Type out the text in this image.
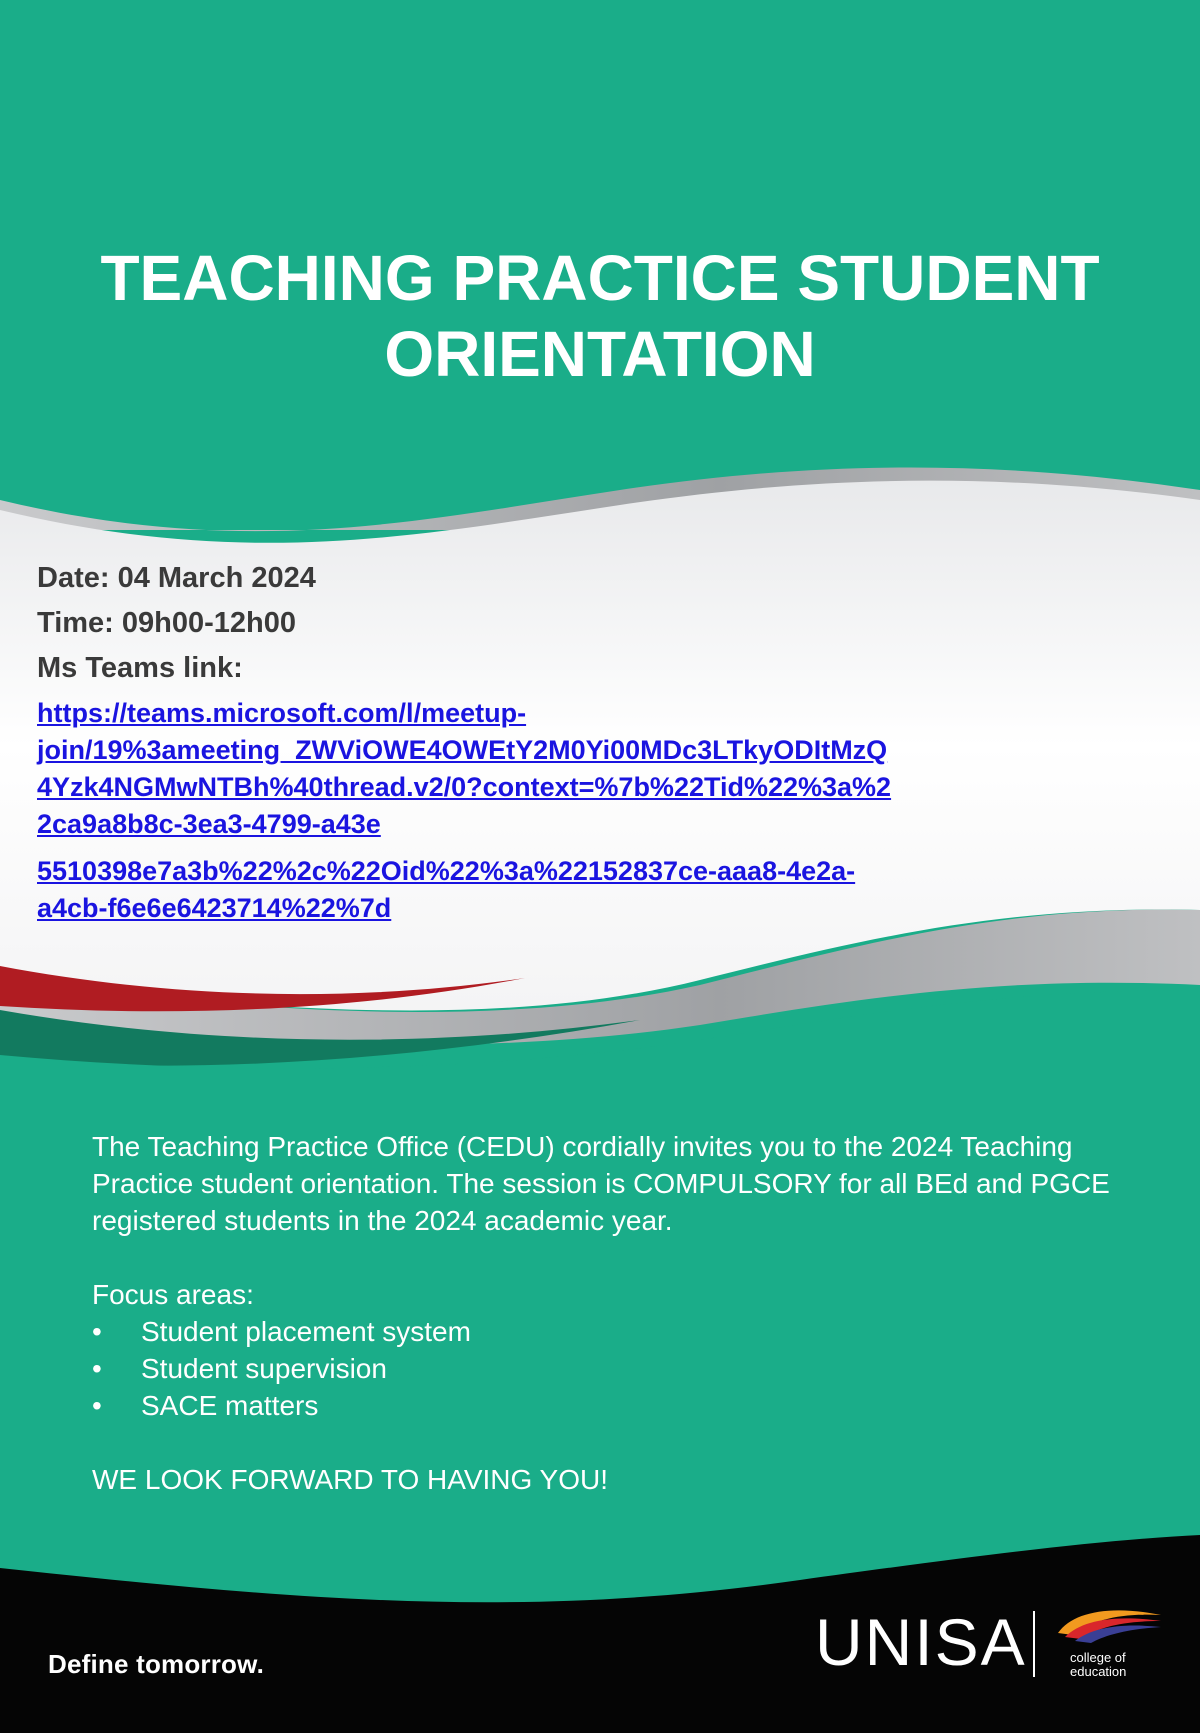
TEACHING PRACTICE STUDENT
ORIENTATION
Date: 04 March 2024
Time: 09h00-12h00
Ms Teams link:
https://teams.microsoft.com/l/meetup-
join/19%3ameeting_ZWViOWE4OWEtY2M0Yi00MDc3LTkyODItMzQ
4Yzk4NGMwNTBh%40thread.v2/0?context=%7b%22Tid%22%3a%2
2ca9a8b8c-3ea3-4799-a43e
5510398e7a3b%22%2c%22Oid%22%3a%22152837ce-aaa8-4e2a-
a4cb-f6e6e6423714%22%7d

The Teaching Practice Office (CEDU) cordially invites you to the 2024 Teaching Practice student orientation. The session is COMPULSORY for all BEd and PGCE registered students in the 2024 academic year.

Focus areas:

• Student placement system
• Student supervision
• SACE matters

WE LOOK FORWARD TO HAVING YOU!

Define tomorrow.	UNISA	college of
education
